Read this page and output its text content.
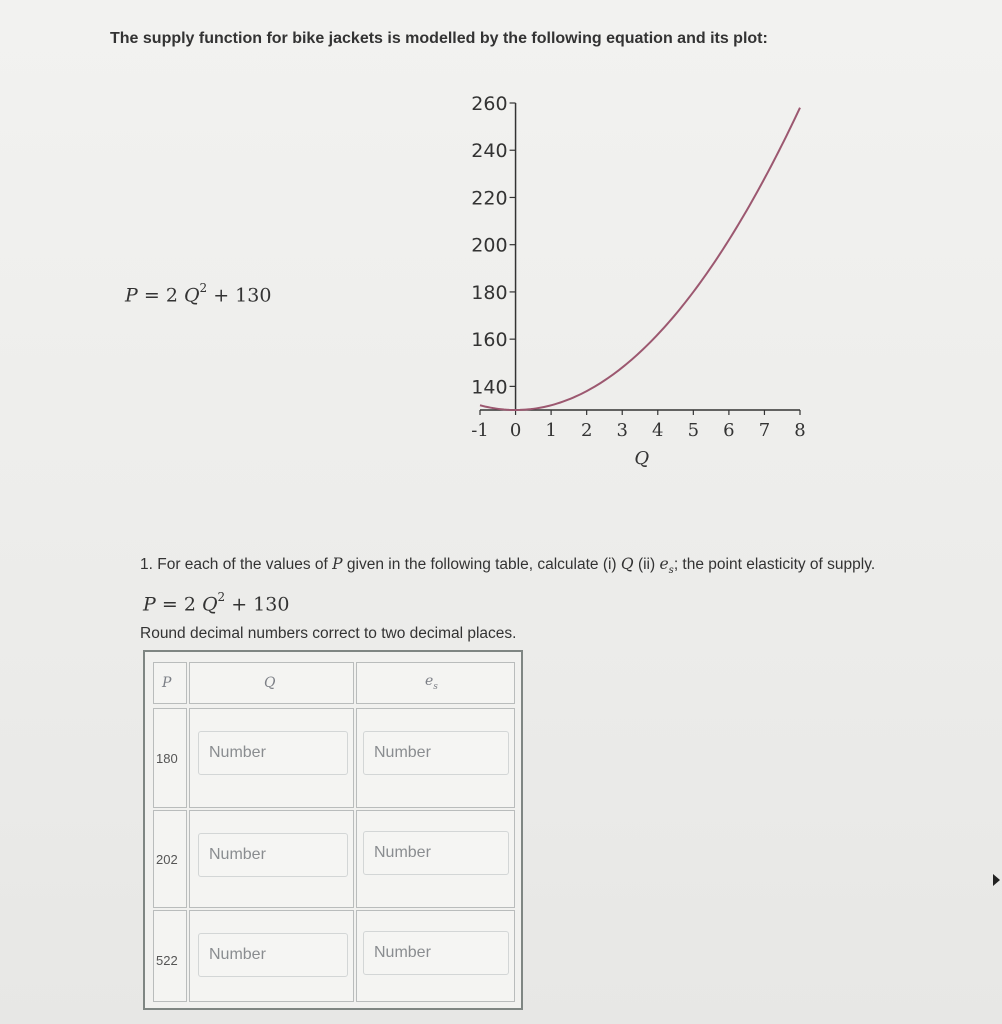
The supply function for bike jackets is modelled by the following equation and its plot:
P = 2 $Q^2 + 130$
140
160
180
200
220
240
260
-1 0 1 2 3 4 5 6 7 8
Q
1. For each of the values of P given in the following table, calculate (i) Q (ii) $e_s$; the point elasticity of supply.
P = 2 $Q^2 + 130$
Round decimal numbers correct to two decimal places.
P	Q	$e_s$
180
Number
Number
202
Number
Number
522
Number
Number
